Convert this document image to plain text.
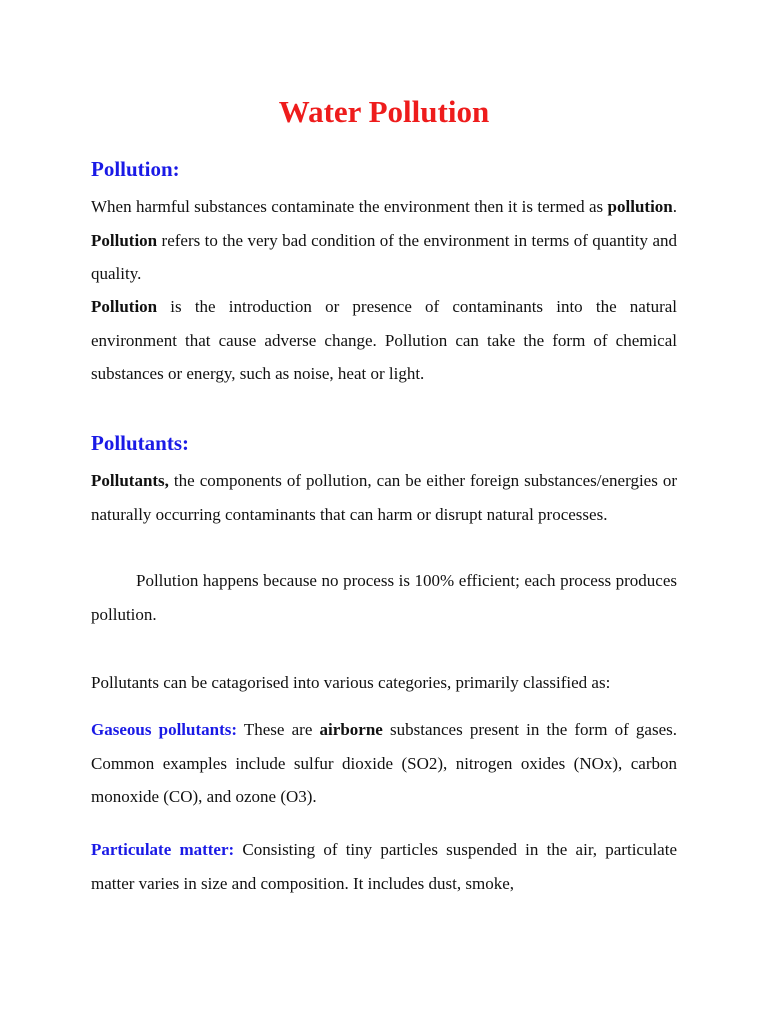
Water Pollution
Pollution:

When harmful substances contaminate the environment then it is termed as pollution. Pollution refers to the very bad condition of the environment in terms of quantity and quality.

Pollution is the introduction or presence of contaminants into the natural environment that cause adverse change. Pollution can take the form of chemical substances or energy, such as noise, heat or light.

Pollutants:

Pollutants, the components of pollution, can be either foreign substances/energies or naturally occurring contaminants that can harm or disrupt natural processes.

Pollution happens because no process is 100% efficient; each process produces pollution.

Pollutants can be catagorised into various categories, primarily classified as:

Gaseous pollutants: These are airborne substances present in the form of gases. Common examples include sulfur dioxide (SO2), nitrogen oxides (NOx), carbon monoxide (CO), and ozone (O3).

Particulate matter: Consisting of tiny particles suspended in the air, particulate matter varies in size and composition. It includes dust, smoke,
